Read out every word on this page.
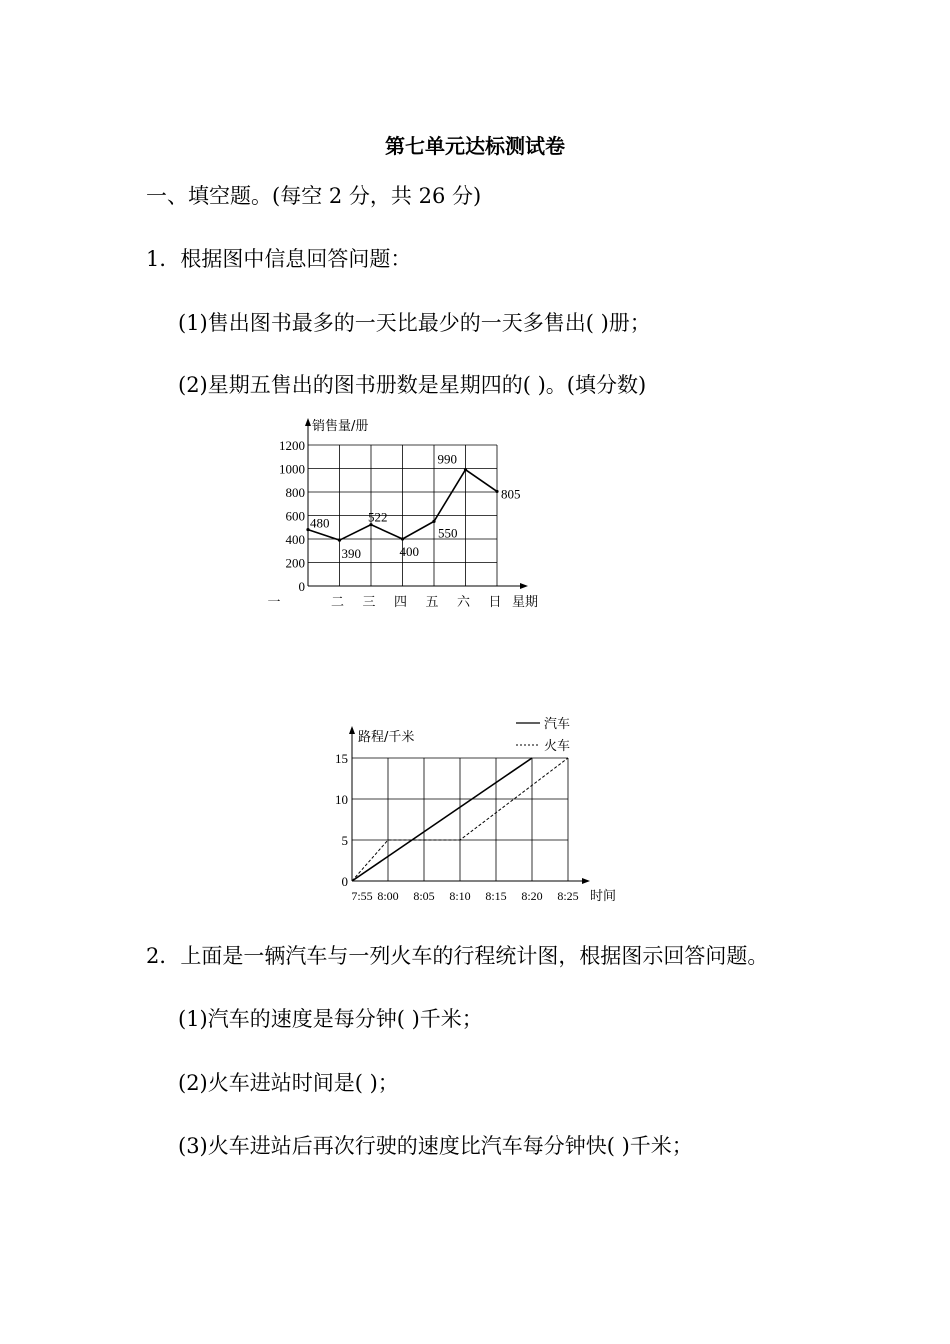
第七单元达标测试卷
一、填空题。(每空 2 分，共 26 分)
1．根据图中信息回答问题：
(1)售出图书最多的一天比最少的一天多售出( )册；
(2)星期五售出的图书册数是星期四的( )。(填分数)
销售量/册
0
200
400
600
800
1000
1200
一	二 三 四 五 六 日 星期
480
390
522
400
550
990
805
路程/千米
0
5
10
15
7:55 8:00 8:05 8:10 8:15 8:20 8:25 时间
汽车
火车
2．上面是一辆汽车与一列火车的行程统计图，根据图示回答问题。
(1)汽车的速度是每分钟( )千米；
(2)火车进站时间是( )；
(3)火车进站后再次行驶的速度比汽车每分钟快( )千米；
